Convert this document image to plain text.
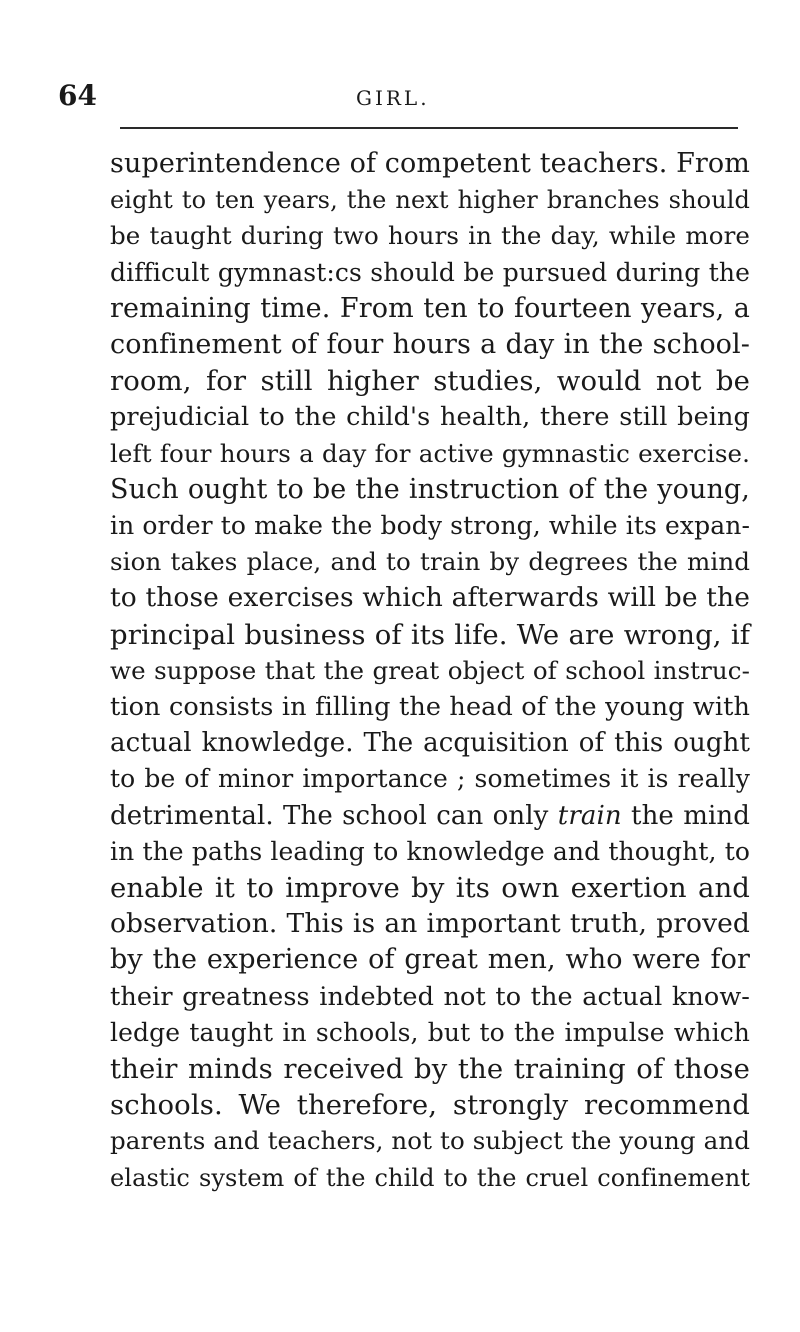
64	GIRL.
superintendence of competent teachers. From
eight to ten years, the next higher branches should
be taught during two hours in the day, while more
difficult gymnast:cs should be pursued during the
remaining time. From ten to fourteen years, a
confinement of four hours a day in the school-
room, for still higher studies, would not be
prejudicial to the child's health, there still being
left four hours a day for active gymnastic exercise.
Such ought to be the instruction of the young,
in order to make the body strong, while its expan-
sion takes place, and to train by degrees the mind
to those exercises which afterwards will be the
principal business of its life. We are wrong, if
we suppose that the great object of school instruc-
tion consists in filling the head of the young with
actual knowledge. The acquisition of this ought
to be of minor importance ; sometimes it is really
detrimental. The school can only train the mind
in the paths leading to knowledge and thought, to
enable it to improve by its own exertion and
observation. This is an important truth, proved
by the experience of great men, who were for
their greatness indebted not to the actual know-
ledge taught in schools, but to the impulse which
their minds received by the training of those
schools. We therefore, strongly recommend
parents and teachers, not to subject the young and
elastic system of the child to the cruel confinement
